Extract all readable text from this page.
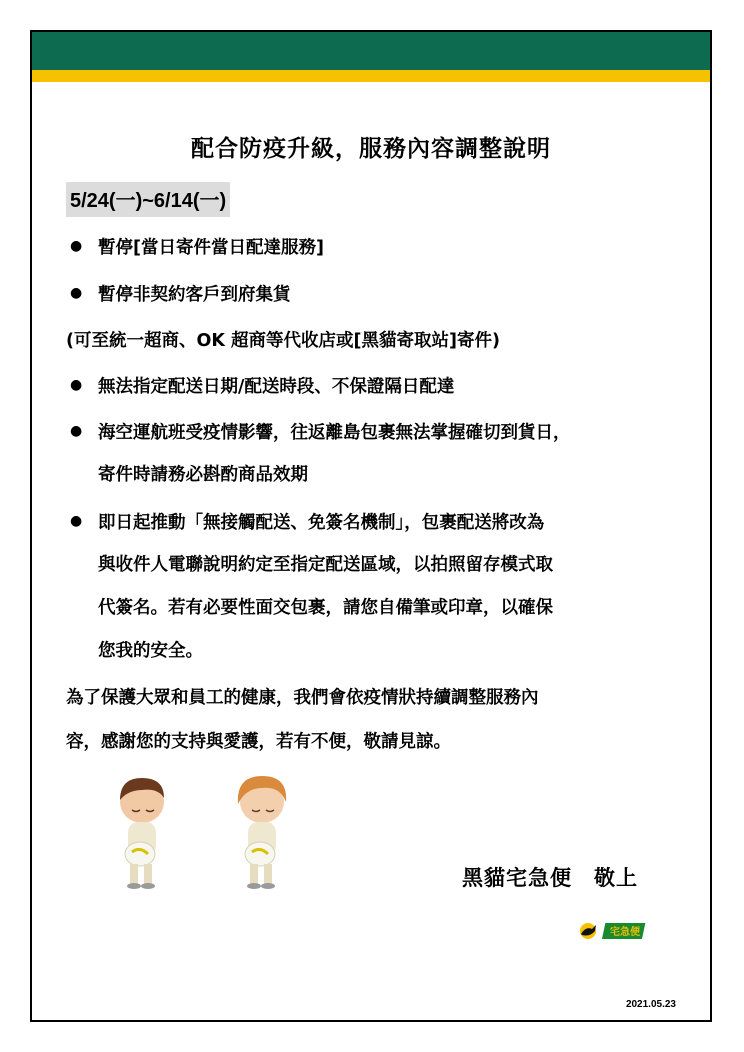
配合防疫升級，服務內容調整說明
5/24(一)~6/14(一)
● 暫停[當日寄件當日配達服務]
● 暫停非契約客戶到府集貨
(可至統一超商、OK 超商等代收店或[黑貓寄取站]寄件)
● 無法指定配送日期/配送時段、不保證隔日配達
● 海空運航班受疫情影響，往返離島包裹無法掌握確切到貨日，
寄件時請務必斟酌商品效期
● 即日起推動「無接觸配送、免簽名機制」，包裹配送將改為
與收件人電聯說明約定至指定配送區域，以拍照留存模式取
代簽名。若有必要性面交包裹，請您自備筆或印章，以確保
您我的安全。
為了保護大眾和員工的健康，我們會依疫情狀持續調整服務內
容，感謝您的支持與愛護，若有不便，敬請見諒。
黑貓宅急便　敬上
宅急便
2021.05.23
